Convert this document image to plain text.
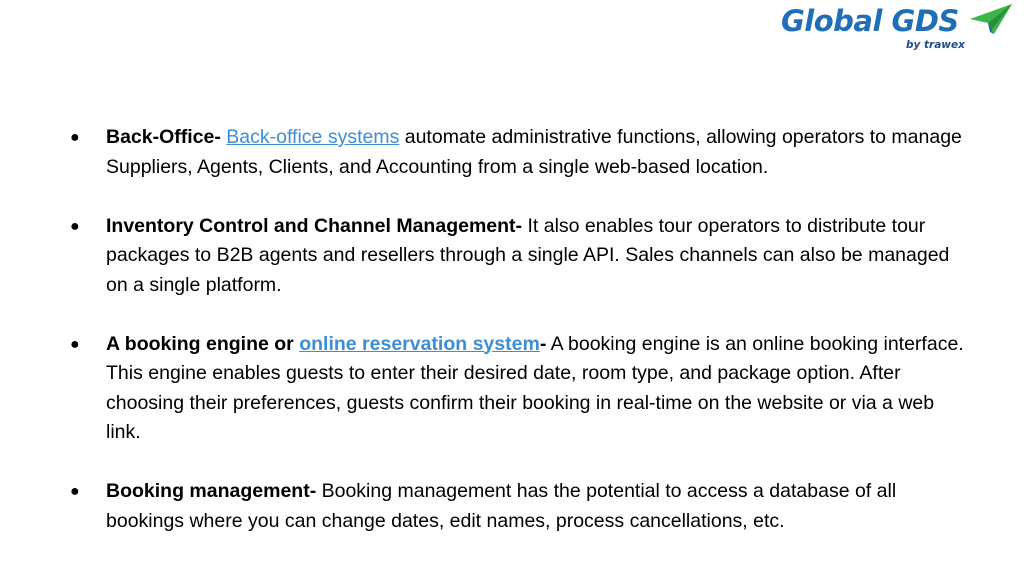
Global GDS
by trawex
● Back-Office- Back-office systems automate administrative functions, allowing operators to manage Suppliers, Agents, Clients, and Accounting from a single web-based location.
● Inventory Control and Channel Management- It also enables tour operators to distribute tour packages to B2B agents and resellers through a single API. Sales channels can also be managed on a single platform.
● A booking engine or online reservation system- A booking engine is an online booking interface. This engine enables guests to enter their desired date, room type, and package option. After choosing their preferences, guests confirm their booking in real-time on the website or via a web link.
● Booking management- Booking management has the potential to access a database of all bookings where you can change dates, edit names, process cancellations, etc.
